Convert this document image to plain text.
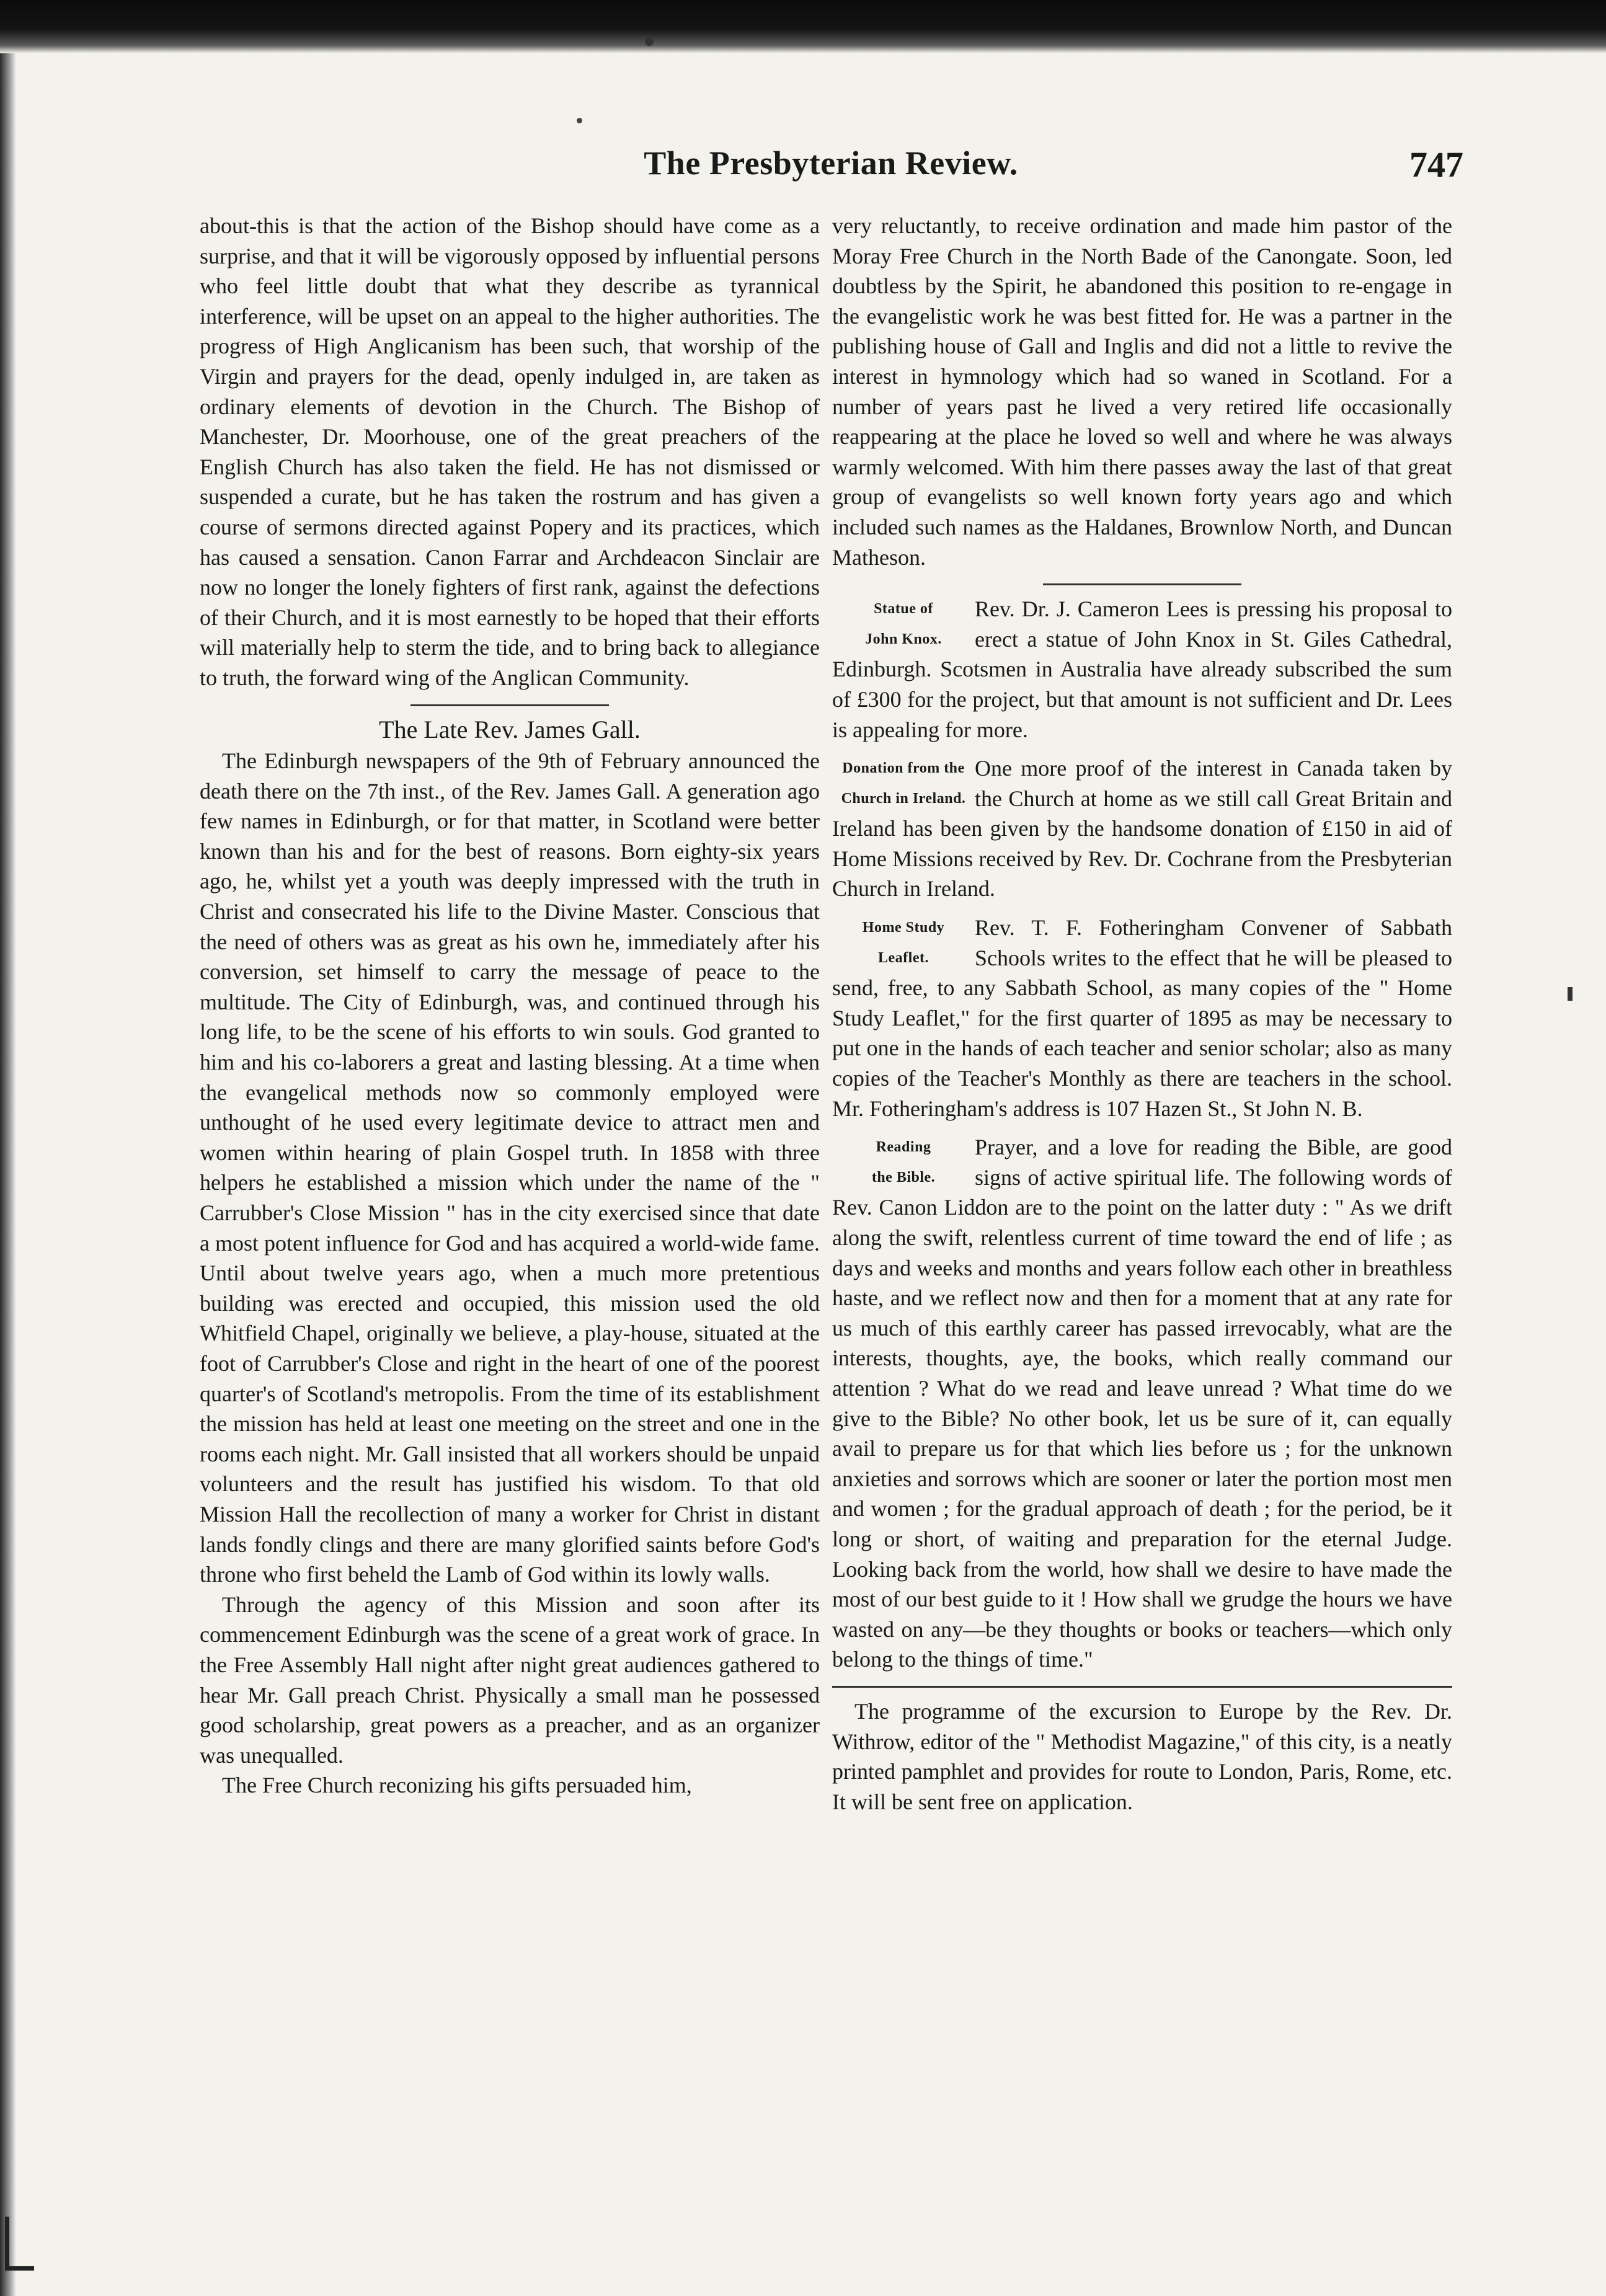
The Presbyterian Review.	747

about-this is that the action of the Bishop should have come as a surprise, and that it will be vigorously opposed by influential persons who feel little doubt that what they describe as tyrannical interference, will be upset on an appeal to the higher authorities. The progress of High Anglicanism has been such, that worship of the Virgin and prayers for the dead, openly indulged in, are taken as ordinary elements of devotion in the Church. The Bishop of Manchester, Dr. Moorhouse, one of the great preachers of the English Church has also taken the field. He has not dismissed or suspended a curate, but he has taken the rostrum and has given a course of sermons directed against Popery and its practices, which has caused a sensation. Canon Farrar and Archdeacon Sinclair are now no longer the lonely fighters of first rank, against the defections of their Church, and it is most earnestly to be hoped that their efforts will materially help to sterm the tide, and to bring back to allegiance to truth, the forward wing of the Anglican Community.

The Late Rev. James Gall.

The Edinburgh newspapers of the 9th of February announced the death there on the 7th inst., of the Rev. James Gall. A generation ago few names in Edinburgh, or for that matter, in Scotland were better known than his and for the best of reasons. Born eighty-six years ago, he, whilst yet a youth was deeply impressed with the truth in Christ and consecrated his life to the Divine Master. Conscious that the need of others was as great as his own he, immediately after his conversion, set himself to carry the message of peace to the multitude. The City of Edinburgh, was, and continued through his long life, to be the scene of his efforts to win souls. God granted to him and his co-laborers a great and lasting blessing. At a time when the evangelical methods now so commonly employed were unthought of he used every legitimate device to attract men and women within hearing of plain Gospel truth. In 1858 with three helpers he established a mission which under the name of the " Carrubber's Close Mission " has in the city exercised since that date a most potent influence for God and has acquired a world-wide fame. Until about twelve years ago, when a much more pretentious building was erected and occupied, this mission used the old Whitfield Chapel, originally we believe, a play-house, situated at the foot of Carrubber's Close and right in the heart of one of the poorest quarter's of Scotland's metropolis. From the time of its establishment the mission has held at least one meeting on the street and one in the rooms each night. Mr. Gall insisted that all workers should be unpaid volunteers and the result has justified his wisdom. To that old Mission Hall the recollection of many a worker for Christ in distant lands fondly clings and there are many glorified saints before God's throne who first beheld the Lamb of God within its lowly walls.

Through the agency of this Mission and soon after its commencement Edinburgh was the scene of a great work of grace. In the Free Assembly Hall night after night great audiences gathered to hear Mr. Gall preach Christ. Physically a small man he possessed good scholarship, great powers as a preacher, and as an organizer was unequalled.

The Free Church reconizing his gifts persuaded him,

very reluctantly, to receive ordination and made him pastor of the Moray Free Church in the North Bade of the Canongate. Soon, led doubtless by the Spirit, he abandoned this position to re-engage in the evangelistic work he was best fitted for. He was a partner in the publishing house of Gall and Inglis and did not a little to revive the interest in hymnology which had so waned in Scotland. For a number of years past he lived a very retired life occasionally reappearing at the place he loved so well and where he was always warmly welcomed. With him there passes away the last of that great group of evangelists so well known forty years ago and which included such names as the Haldanes, Brownlow North, and Duncan Matheson.

Statue of
John Knox.

Rev. Dr. J. Cameron Lees is pressing his proposal to erect a statue of John Knox in St. Giles Cathedral, Edinburgh. Scotsmen in Australia have already subscribed the sum of £300 for the project, but that amount is not sufficient and Dr. Lees is appealing for more.

Donation from the
Church in Ireland.

One more proof of the interest in Canada taken by the Church at home as we still call Great Britain and Ireland has been given by the handsome donation of £150 in aid of Home Missions received by Rev. Dr. Cochrane from the Presbyterian Church in Ireland.

Home Study
Leaflet.

Rev. T. F. Fotheringham Convener of Sabbath Schools writes to the effect that he will be pleased to send, free, to any Sabbath School, as many copies of the " Home Study Leaflet," for the first quarter of 1895 as may be necessary to put one in the hands of each teacher and senior scholar; also as many copies of the Teacher's Monthly as there are teachers in the school. Mr. Fotheringham's address is 107 Hazen St., St John N. B.

Reading
the Bible.

Prayer, and a love for reading the Bible, are good signs of active spiritual life. The following words of Rev. Canon Liddon are to the point on the latter duty : " As we drift along the swift, relentless current of time toward the end of life ; as days and weeks and months and years follow each other in breathless haste, and we reflect now and then for a moment that at any rate for us much of this earthly career has passed irrevocably, what are the interests, thoughts, aye, the books, which really command our attention ? What do we read and leave unread ? What time do we give to the Bible? No other book, let us be sure of it, can equally avail to prepare us for that which lies before us ; for the unknown anxieties and sorrows which are sooner or later the portion most men and women ; for the gradual approach of death ; for the period, be it long or short, of waiting and preparation for the eternal Judge. Looking back from the world, how shall we desire to have made the most of our best guide to it ! How shall we grudge the hours we have wasted on any—be they thoughts or books or teachers—which only belong to the things of time."

The programme of the excursion to Europe by the Rev. Dr. Withrow, editor of the " Methodist Magazine," of this city, is a neatly printed pamphlet and provides for route to London, Paris, Rome, etc. It will be sent free on application.
